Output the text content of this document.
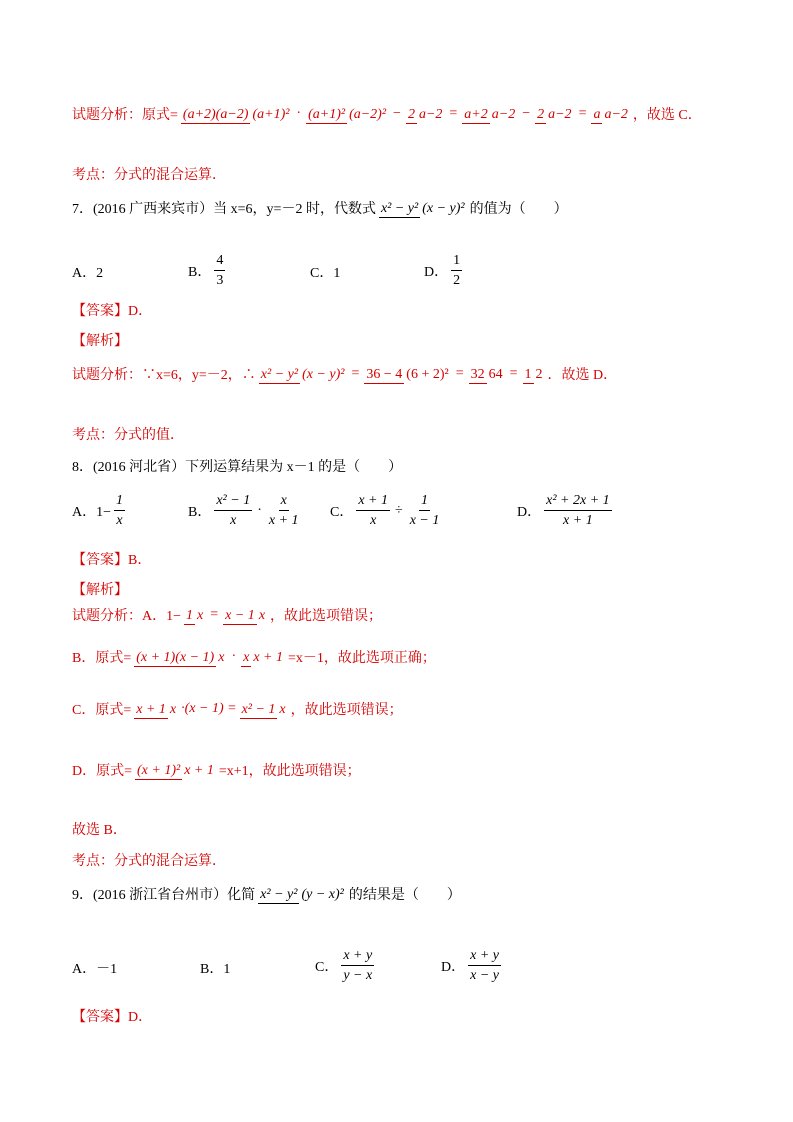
试题分析：原式= (a+2)(a−2) (a+1)² · (a+1)² (a−2)² − 2 a−2 = a+2 a−2 − 2 a−2 = a a−2 ，故选 C．
考点：分式的混合运算．
7．(2016 广西来宾市）当 x=6，y=－2 时，代数式 x² − y² (x − y)² 的值为（　　）
A．2	B． $\frac{4}{3}$	C．1	D． $\frac{1}{2}$
【答案】D．
【解析】
试题分析：∵x=6，y=－2，∴ x² − y² (x − y)² = 36 − 4 (6 + 2)² = 32 64 = 1 2 ．故选 D．
考点：分式的值．
8．(2016 河北省）下列运算结果为 x－1 的是（　　）
A．$1- \frac{1}{x}$	B． $\frac{\text{x² − 1}}{x} \cdot \frac{x}{x + 1}$ C． $\frac{x + 1}{x} \div \frac{1}{x - 1}$	D． $\frac{\text{x² + 2x + 1}}{x + 1}$
【答案】B．
【解析】
试题分析：A．1− 1 x = x − 1 x ，故此选项错误；
B．原式= (x + 1)(x − 1) x · x x + 1 =x－1，故此选项正确；
C．原式= x + 1 x ·(x − 1) = x² − 1 x ，故此选项错误；
D．原式= (x + 1)² x + 1 =x+1，故此选项错误；
故选 B．
考点：分式的混合运算．
9．(2016 浙江省台州市）化简 x² − y² (y − x)² 的结果是（　　）
A．－1	B．1	C． $\frac{x + y}{y - x}$	D． $\frac{x + y}{x - y}$
【答案】D．
